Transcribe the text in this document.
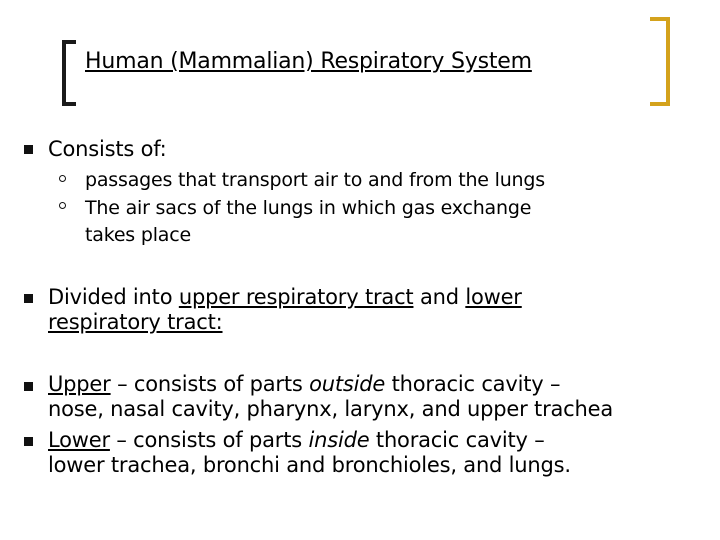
Human (Mammalian) Respiratory System
Consists of:
passages that transport air to and from the lungs
The air sacs of the lungs in which gas exchange
takes place
Divided into upper respiratory tract and lower
respiratory tract:
Upper – consists of parts outside thoracic cavity –
nose, nasal cavity, pharynx, larynx, and upper trachea
Lower – consists of parts inside thoracic cavity –
lower trachea, bronchi and bronchioles, and lungs.
